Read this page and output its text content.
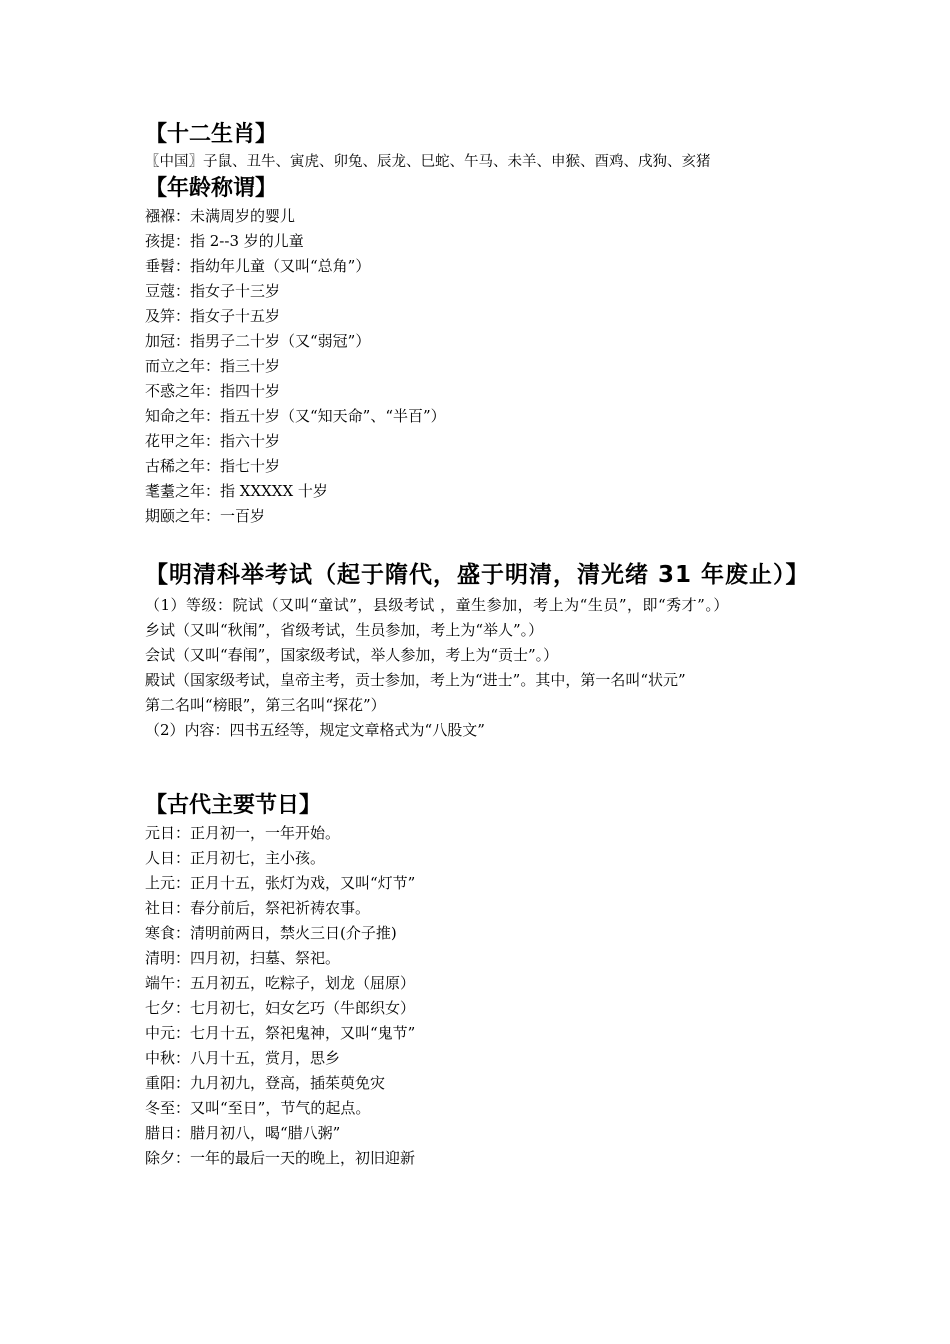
【十二生肖】

〖中国〗子鼠、丑牛、寅虎、卯兔、辰龙、巳蛇、午马、未羊、申猴、酉鸡、戌狗、亥猪

【年龄称谓】

襁褓：未满周岁的婴儿

孩提：指 2--3 岁的儿童

垂髫：指幼年儿童（又叫“总角”）

豆蔻：指女子十三岁

及笄：指女子十五岁

加冠：指男子二十岁（又“弱冠”）

而立之年：指三十岁

不惑之年：指四十岁

知命之年：指五十岁（又“知天命”、“半百”）

花甲之年：指六十岁

古稀之年：指七十岁

耄耋之年：指 XXXXX 十岁

期颐之年：一百岁

【明清科举考试（起于隋代，盛于明清，清光绪 31 年废止）】

（1）等级：院试（又叫“童试”，县级考试 ，童生参加，考上为“生员”，即“秀才”。）

乡试（又叫“秋闱”，省级考试，生员参加，考上为“举人”。）

会试（又叫“春闱”，国家级考试，举人参加，考上为“贡士”。）

殿试（国家级考试，皇帝主考，贡士参加，考上为“进士”。其中，第一名叫“状元”

第二名叫“榜眼”，第三名叫“探花”）

（2）内容：四书五经等，规定文章格式为“八股文”

【古代主要节日】

元日：正月初一，一年开始。

人日：正月初七，主小孩。

上元：正月十五，张灯为戏，又叫“灯节”

社日：春分前后，祭祀祈祷农事。

寒食：清明前两日，禁火三日(介子推)

清明：四月初，扫墓、祭祀。

端午：五月初五，吃粽子，划龙（屈原）

七夕：七月初七，妇女乞巧（牛郎织女）

中元：七月十五，祭祀鬼神，又叫“鬼节”

中秋：八月十五，赏月，思乡

重阳：九月初九，登高，插茱萸免灾

冬至：又叫“至日”，节气的起点。

腊日：腊月初八，喝“腊八粥”

除夕：一年的最后一天的晚上，初旧迎新
